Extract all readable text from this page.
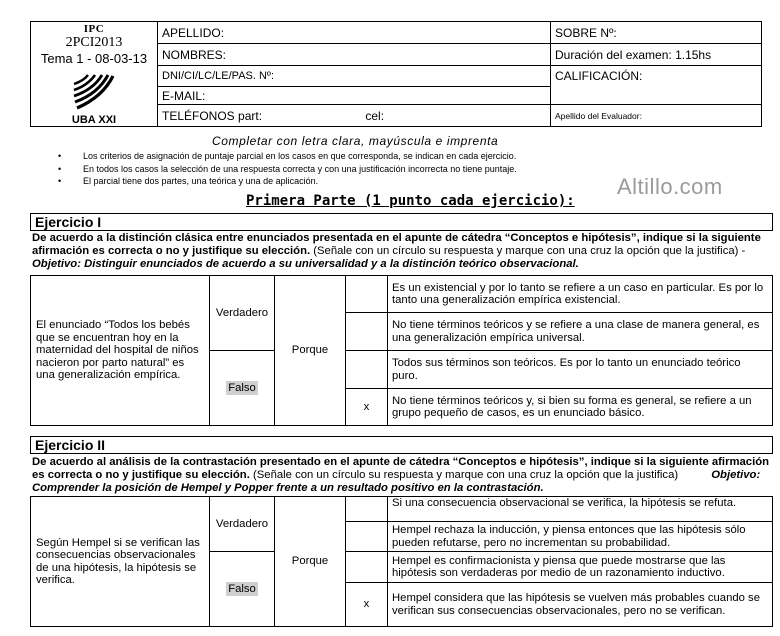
IPC
2PCI2013
Tema 1 - 08-03-13
UBA XXI	APELLIDO:	SOBRE Nº:
	NOMBRES:	Duración del examen: 1.15hs
	DNI/CI/LC/LE/PAS. Nº:	CALIFICACIÓN:
	E-MAIL:	
	TELÉFONOS part: cel:	Apellido del Evaluador:
Completar con letra clara, mayúscula e imprenta
• Los criterios de asignación de puntaje parcial en los casos en que corresponda, se indican en cada ejercicio.
• En todos los casos la selección de una respuesta correcta y con una justificación incorrecta no tiene puntaje.
• El parcial tiene dos partes, una teórica y una de aplicación.	Altillo.com
Primera Parte (1 punto cada ejercicio):
Ejercicio I
De acuerdo a la distinción clásica entre enunciados presentada en el apunte de cátedra “Conceptos e hipótesis”, indique si la siguiente afirmación es correcta o no y justifique su elección. (Señale con un círculo su respuesta y marque con una cruz la opción que la justifica) - Objetivo: Distinguir enunciados de acuerdo a su universalidad y a la distinción teórico observacional.
El enunciado “Todos los bebés que se encuentran hoy en la maternidad del hospital de niños nacieron por parto natural” es una generalización empírica.	Verdadero	Porque		Es un existencial y por lo tanto se refiere a un caso en particular. Es por lo tanto una generalización empírica existencial.
				No tiene términos teóricos y se refiere a una clase de manera general, es una generalización empírica universal.
	Falso			Todos sus términos son teóricos. Es por lo tanto un enunciado teórico puro.
			x	No tiene términos teóricos y, si bien su forma es general, se refiere a un grupo pequeño de casos, es un enunciado básico.
Ejercicio II
De acuerdo al análisis de la contrastación presentado en el apunte de cátedra “Conceptos e hipótesis”, indique si la siguiente afirmación es correcta o no y justifique su elección. (Señale con un círculo su respuesta y marque con una cruz la opción que la justifica)	Objetivo: Comprender la posición de Hempel y Popper frente a un resultado positivo en la contrastación.
Según Hempel si se verifican las consecuencias observacionales de una hipótesis, la hipótesis se verifica.	Verdadero	Porque		Si una consecuencia observacional se verifica, la hipótesis se refuta.
				Hempel rechaza la inducción, y piensa entonces que las hipótesis sólo pueden refutarse, pero no incrementan su probabilidad.
	Falso			Hempel es confirmacionista y piensa que puede mostrarse que las hipótesis son verdaderas por medio de un razonamiento inductivo.
			x	Hempel considera que las hipótesis se vuelven más probables cuando se verifican sus consecuencias observacionales, pero no se verifican.
